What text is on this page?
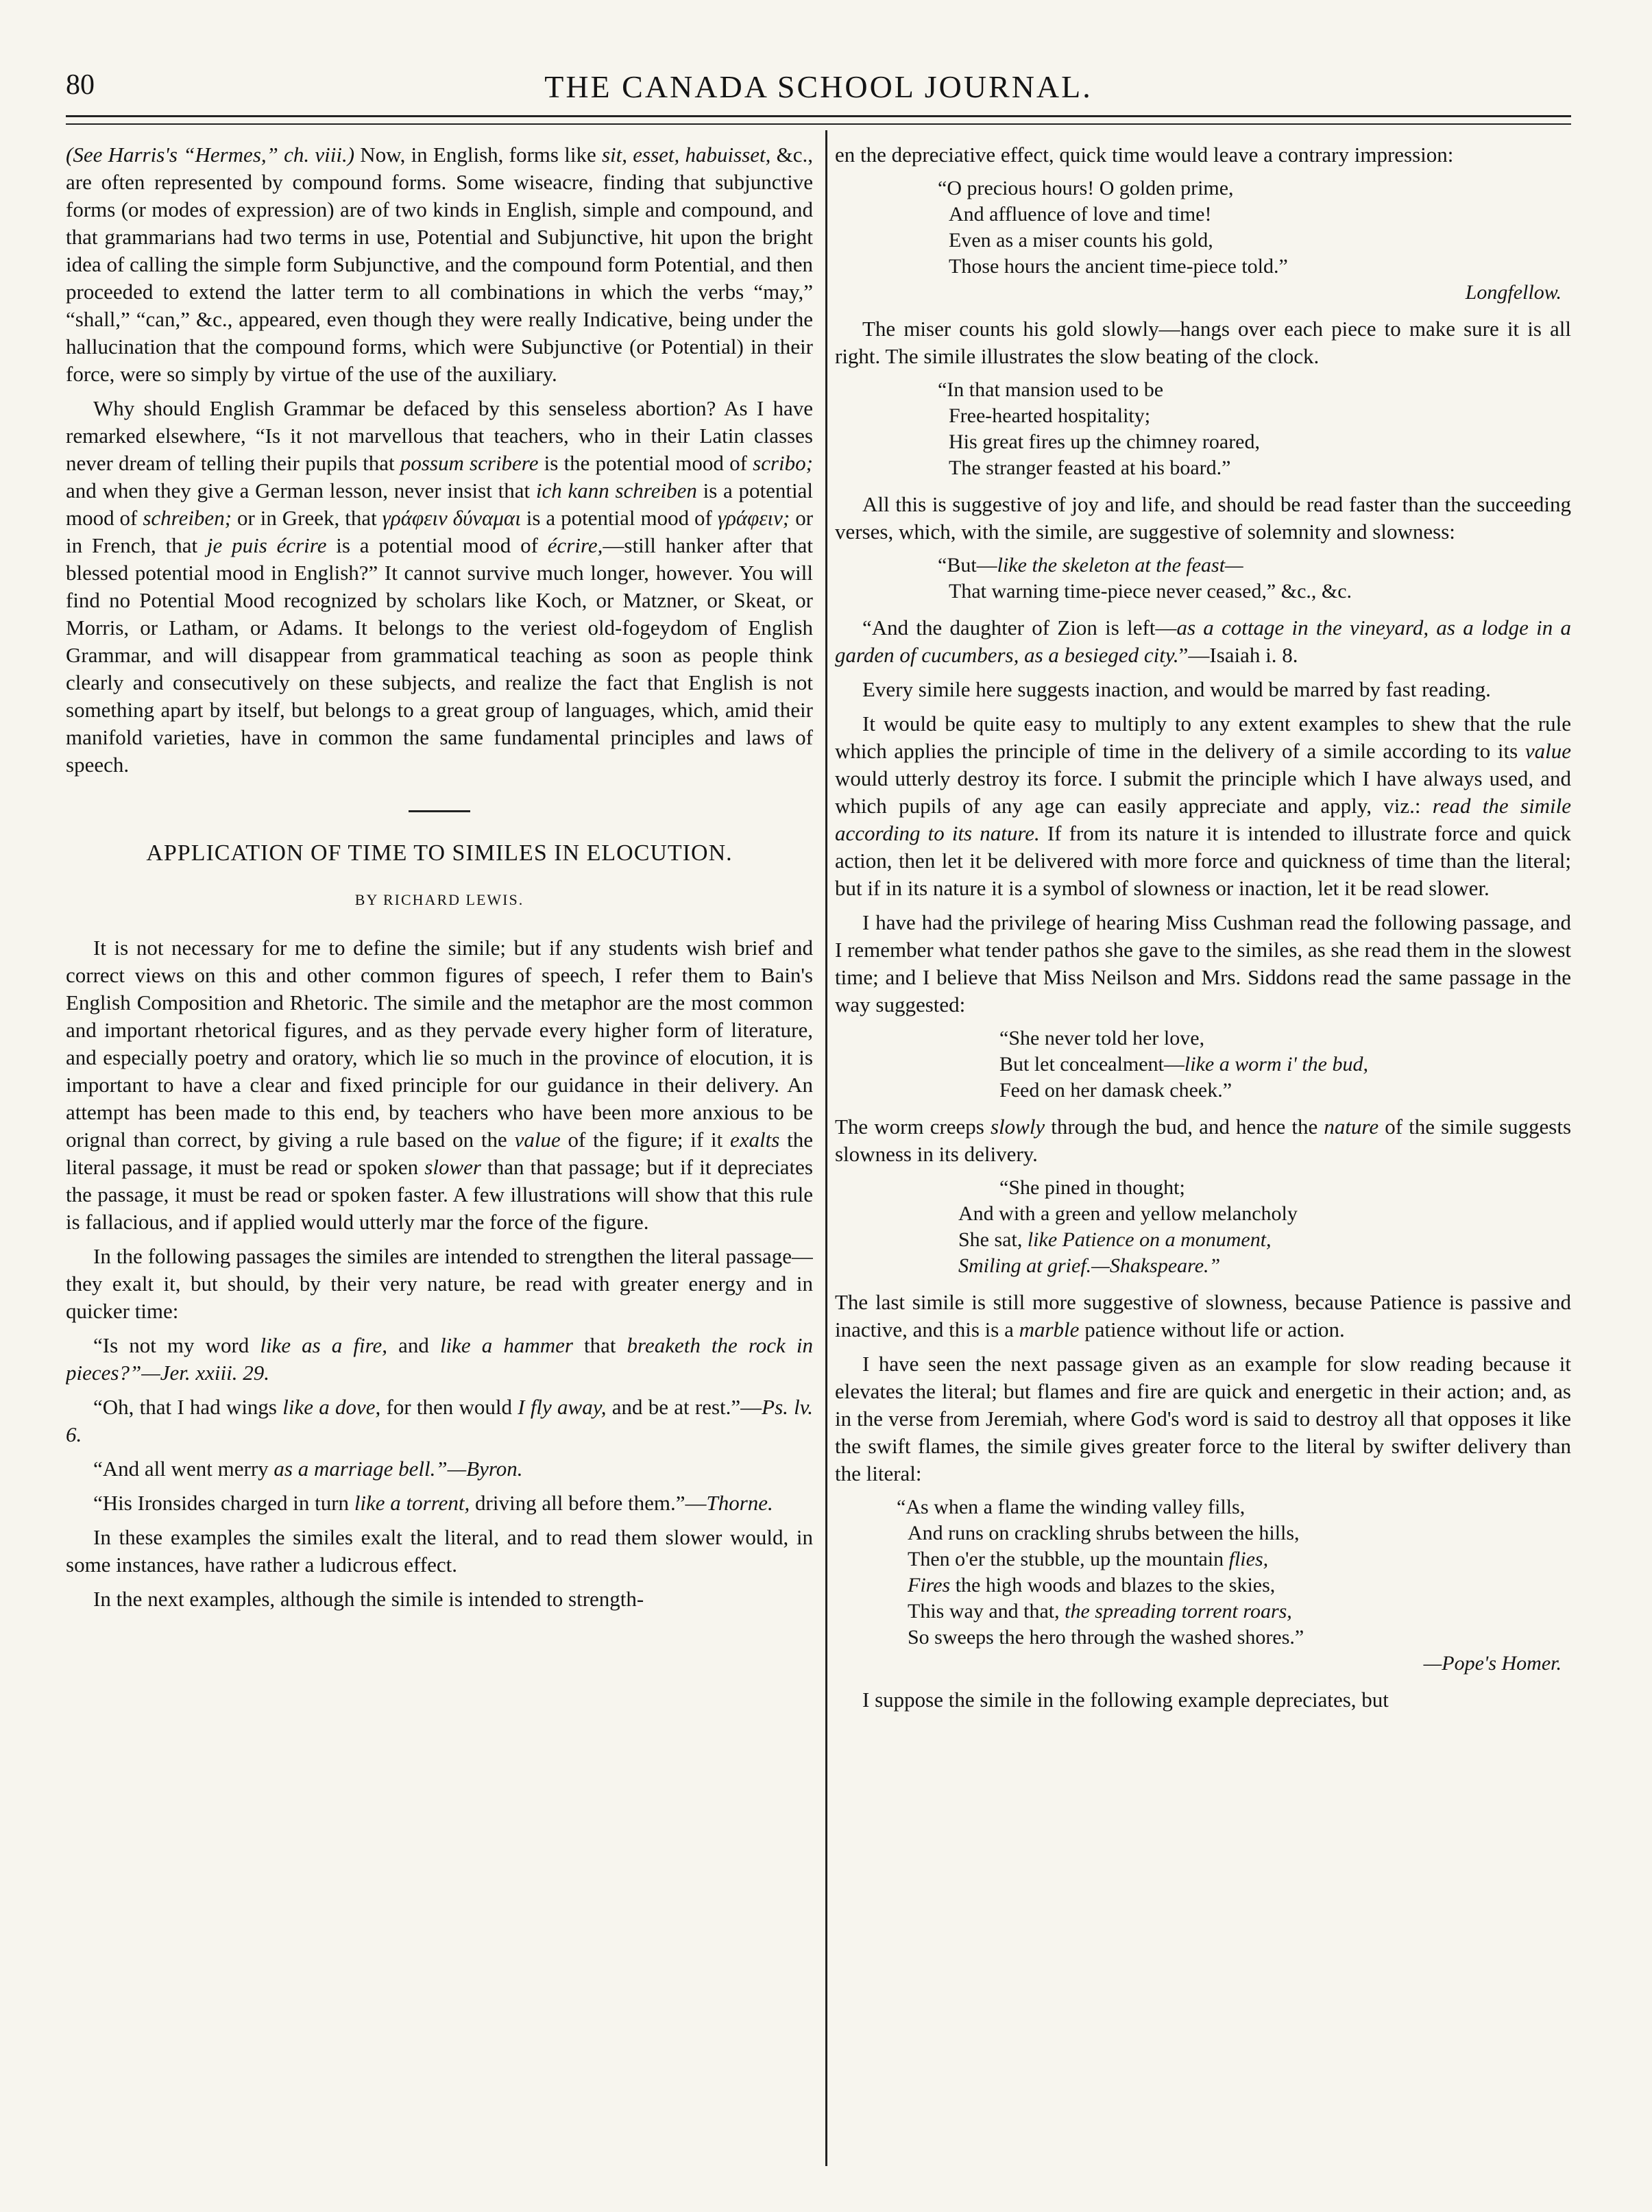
80	THE CANADA SCHOOL JOURNAL.

(See Harris's “Hermes,” ch. viii.) Now, in English, forms like sit, esset, habuisset, &c., are often represented by compound forms. Some wiseacre, finding that subjunctive forms (or modes of expression) are of two kinds in English, simple and compound, and that grammarians had two terms in use, Potential and Subjunctive, hit upon the bright idea of calling the simple form Subjunctive, and the compound form Potential, and then proceeded to extend the latter term to all combinations in which the verbs “may,” “shall,” “can,” &c., appeared, even though they were really Indicative, being under the hallucination that the compound forms, which were Subjunctive (or Potential) in their force, were so simply by virtue of the use of the auxiliary.

Why should English Grammar be defaced by this senseless abortion? As I have remarked elsewhere, “Is it not marvellous that teachers, who in their Latin classes never dream of telling their pupils that possum scribere is the potential mood of scribo; and when they give a German lesson, never insist that ich kann schreiben is a potential mood of schreiben; or in Greek, that γράφειν δύναμαι is a potential mood of γράφειν; or in French, that je puis écrire is a potential mood of écrire,—still hanker after that blessed potential mood in English?” It cannot survive much longer, however. You will find no Potential Mood recognized by scholars like Koch, or Matzner, or Skeat, or Morris, or Latham, or Adams. It belongs to the veriest old-fogeydom of English Grammar, and will disappear from grammatical teaching as soon as people think clearly and consecutively on these subjects, and realize the fact that English is not something apart by itself, but belongs to a great group of languages, which, amid their manifold varieties, have in common the same fundamental principles and laws of speech.

APPLICATION OF TIME TO SIMILES IN ELOCUTION.
BY RICHARD LEWIS.

It is not necessary for me to define the simile; but if any students wish brief and correct views on this and other common figures of speech, I refer them to Bain's English Composition and Rhetoric. The simile and the metaphor are the most common and important rhetorical figures, and as they pervade every higher form of literature, and especially poetry and oratory, which lie so much in the province of elocution, it is important to have a clear and fixed principle for our guidance in their delivery. An attempt has been made to this end, by teachers who have been more anxious to be orignal than correct, by giving a rule based on the value of the figure; if it exalts the literal passage, it must be read or spoken slower than that passage; but if it depreciates the passage, it must be read or spoken faster. A few illustrations will show that this rule is fallacious, and if applied would utterly mar the force of the figure.

In the following passages the similes are intended to strengthen the literal passage—they exalt it, but should, by their very nature, be read with greater energy and in quicker time:

“Is not my word like as a fire, and like a hammer that breaketh the rock in pieces?”—Jer. xxiii. 29.

“Oh, that I had wings like a dove, for then would I fly away, and be at rest.”—Ps. lv. 6.

“And all went merry as a marriage bell.”—Byron.

“His Ironsides charged in turn like a torrent, driving all before them.”—Thorne.

In these examples the similes exalt the literal, and to read them slower would, in some instances, have rather a ludicrous effect.

In the next examples, although the simile is intended to strength-

en the depreciative effect, quick time would leave a contrary impression:

“O precious hours! O golden prime,
And affluence of love and time!
Even as a miser counts his gold,
Those hours the ancient time-piece told.”
Longfellow.

The miser counts his gold slowly—hangs over each piece to make sure it is all right. The simile illustrates the slow beating of the clock.

“In that mansion used to be
Free-hearted hospitality;
His great fires up the chimney roared,
The stranger feasted at his board.”

All this is suggestive of joy and life, and should be read faster than the succeeding verses, which, with the simile, are suggestive of solemnity and slowness:

“But—like the skeleton at the feast—
That warning time-piece never ceased,” &c., &c.

“And the daughter of Zion is left—as a cottage in the vineyard, as a lodge in a garden of cucumbers, as a besieged city.”—Isaiah i. 8.

Every simile here suggests inaction, and would be marred by fast reading.

It would be quite easy to multiply to any extent examples to shew that the rule which applies the principle of time in the delivery of a simile according to its value would utterly destroy its force. I submit the principle which I have always used, and which pupils of any age can easily appreciate and apply, viz.: read the simile according to its nature. If from its nature it is intended to illustrate force and quick action, then let it be delivered with more force and quickness of time than the literal; but if in its nature it is a symbol of slowness or inaction, let it be read slower.

I have had the privilege of hearing Miss Cushman read the following passage, and I remember what tender pathos she gave to the similes, as she read them in the slowest time; and I believe that Miss Neilson and Mrs. Siddons read the same passage in the way suggested:

“She never told her love,
But let concealment—like a worm i' the bud,
Feed on her damask cheek.”

The worm creeps slowly through the bud, and hence the nature of the simile suggests slowness in its delivery.

“She pined in thought;
And with a green and yellow melancholy
She sat, like Patience on a monument,
Smiling at grief.—Shakspeare.”

The last simile is still more suggestive of slowness, because Patience is passive and inactive, and this is a marble patience without life or action.

I have seen the next passage given as an example for slow reading because it elevates the literal; but flames and fire are quick and energetic in their action; and, as in the verse from Jeremiah, where God's word is said to destroy all that opposes it like the swift flames, the simile gives greater force to the literal by swifter delivery than the literal:

“As when a flame the winding valley fills,
And runs on crackling shrubs between the hills,
Then o'er the stubble, up the mountain flies,
Fires the high woods and blazes to the skies,
This way and that, the spreading torrent roars,
So sweeps the hero through the washed shores.”
—Pope's Homer.

I suppose the simile in the following example depreciates, but
